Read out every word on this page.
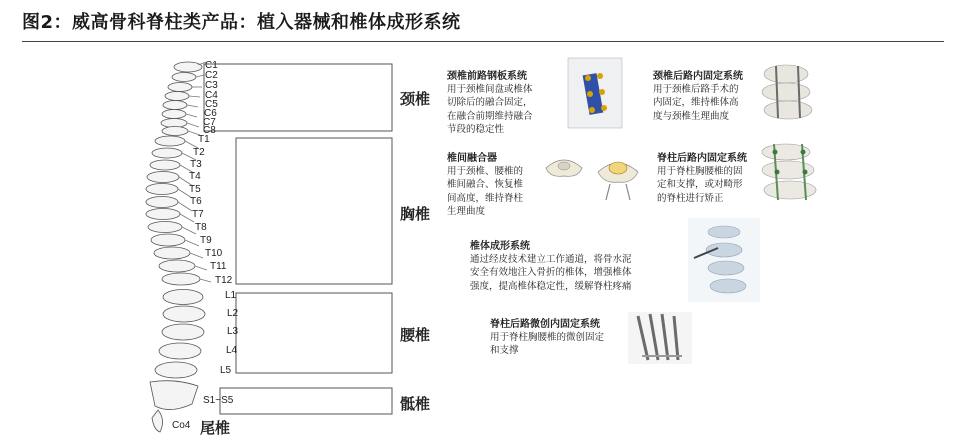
图2：威高骨科脊柱类产品：植入器械和椎体成形系统
C1
C2
C3
C4
C5
C6
C7
C8
T1
T2
T3
T4
T5
T6
T7
T8
T9
T10
T11
T12
L1
L2
L3
L4
L5
S1~S5
Co4
颈椎
胸椎
腰椎
骶椎
尾椎
颈椎前路钢板系统
用于颈椎间盘或椎体
切除后的融合固定，
在融合前期维持融合
节段的稳定性
颈椎后路内固定系统
用于颈椎后路手术的
内固定，维持椎体高
度与颈椎生理曲度
椎间融合器
用于颈椎、腰椎的
椎间融合、恢复椎
间高度，维持脊柱
生理曲度
脊柱后路内固定系统
用于脊柱胸腰椎的固
定和支撑，或对畸形
的脊柱进行矫正
椎体成形系统
通过经皮技术建立工作通道，将骨水泥
安全有效地注入骨折的椎体，增强椎体
强度，提高椎体稳定性，缓解脊柱疼痛
脊柱后路微创内固定系统
用于脊柱胸腰椎的微创固定
和支撑
